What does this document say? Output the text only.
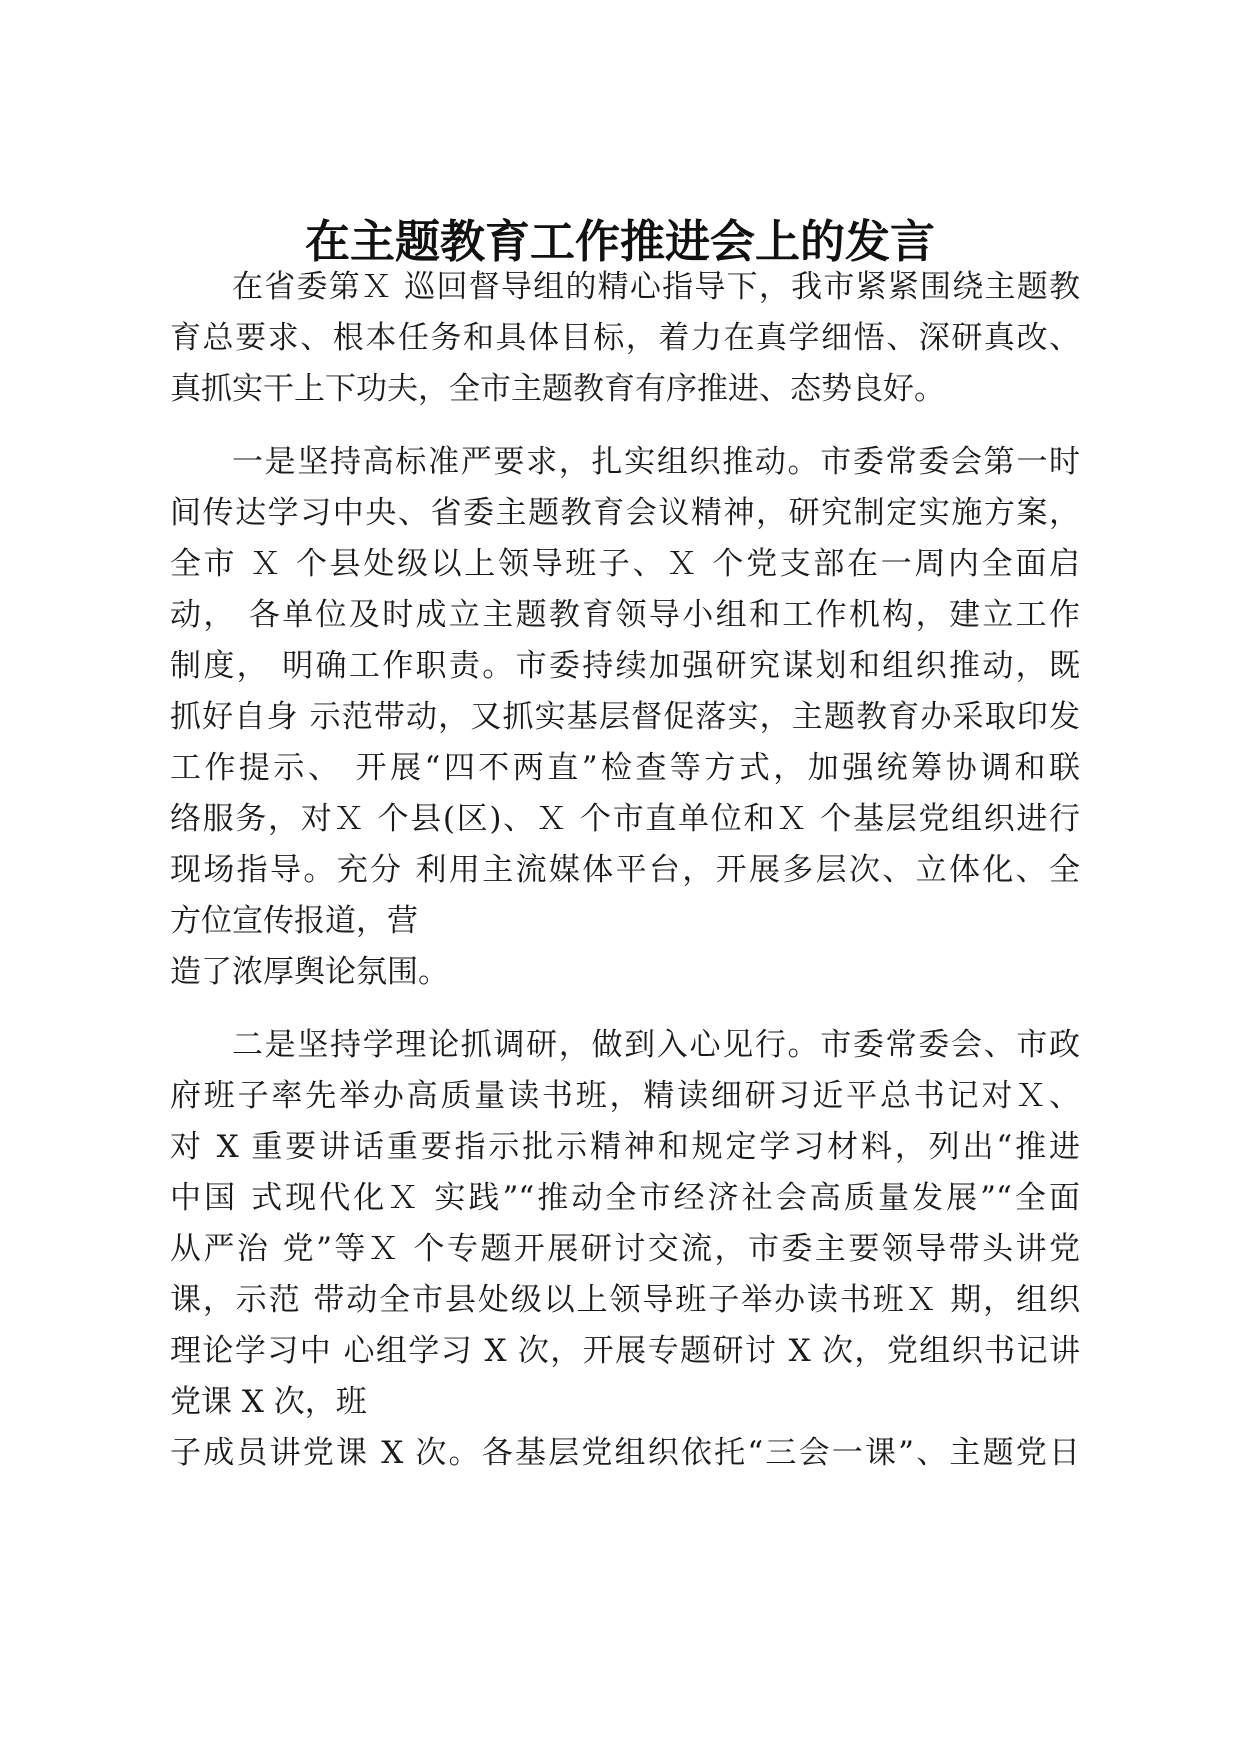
在主题教育工作推进会上的发言
在省委第Ｘ 巡回督导组的精心指导下，我市紧紧围绕主题教
育总要求、根本任务和具体目标，着力在真学细悟、深研真改、
真抓实干上下功夫，全市主题教育有序推进、态势良好。
一是坚持高标准严要求，扎实组织推动。市委常委会第一时
间传达学习中央、省委主题教育会议精神，研究制定实施方案，
全市 Ｘ 个县处级以上领导班子、Ｘ 个党支部在一周内全面启
动， 各单位及时成立主题教育领导小组和工作机构，建立工作
制度， 明确工作职责。市委持续加强研究谋划和组织推动，既
抓好自身 示范带动，又抓实基层督促落实，主题教育办采取印发
工作提示、 开展“四不两直”检查等方式，加强统筹协调和联
络服务，对Ｘ 个县(区)、Ｘ 个市直单位和Ｘ 个基层党组织进行
现场指导。充分 利用主流媒体平台，开展多层次、立体化、全
方位宣传报道，营
造了浓厚舆论氛围。
二是坚持学理论抓调研，做到入心见行。市委常委会、市政
府班子率先举办高质量读书班，精读细研习近平总书记对Ｘ、
对 X 重要讲话重要指示批示精神和规定学习材料，列出“推进
中国 式现代化Ｘ 实践”“推动全市经济社会高质量发展”“全面
从严治 党”等Ｘ 个专题开展研讨交流，市委主要领导带头讲党
课，示范 带动全市县处级以上领导班子举办读书班Ｘ 期，组织
理论学习中 心组学习 X 次，开展专题研讨 X 次，党组织书记讲
党课 X 次，班
子成员讲党课 X 次。各基层党组织依托“三会一课”、主题党日
